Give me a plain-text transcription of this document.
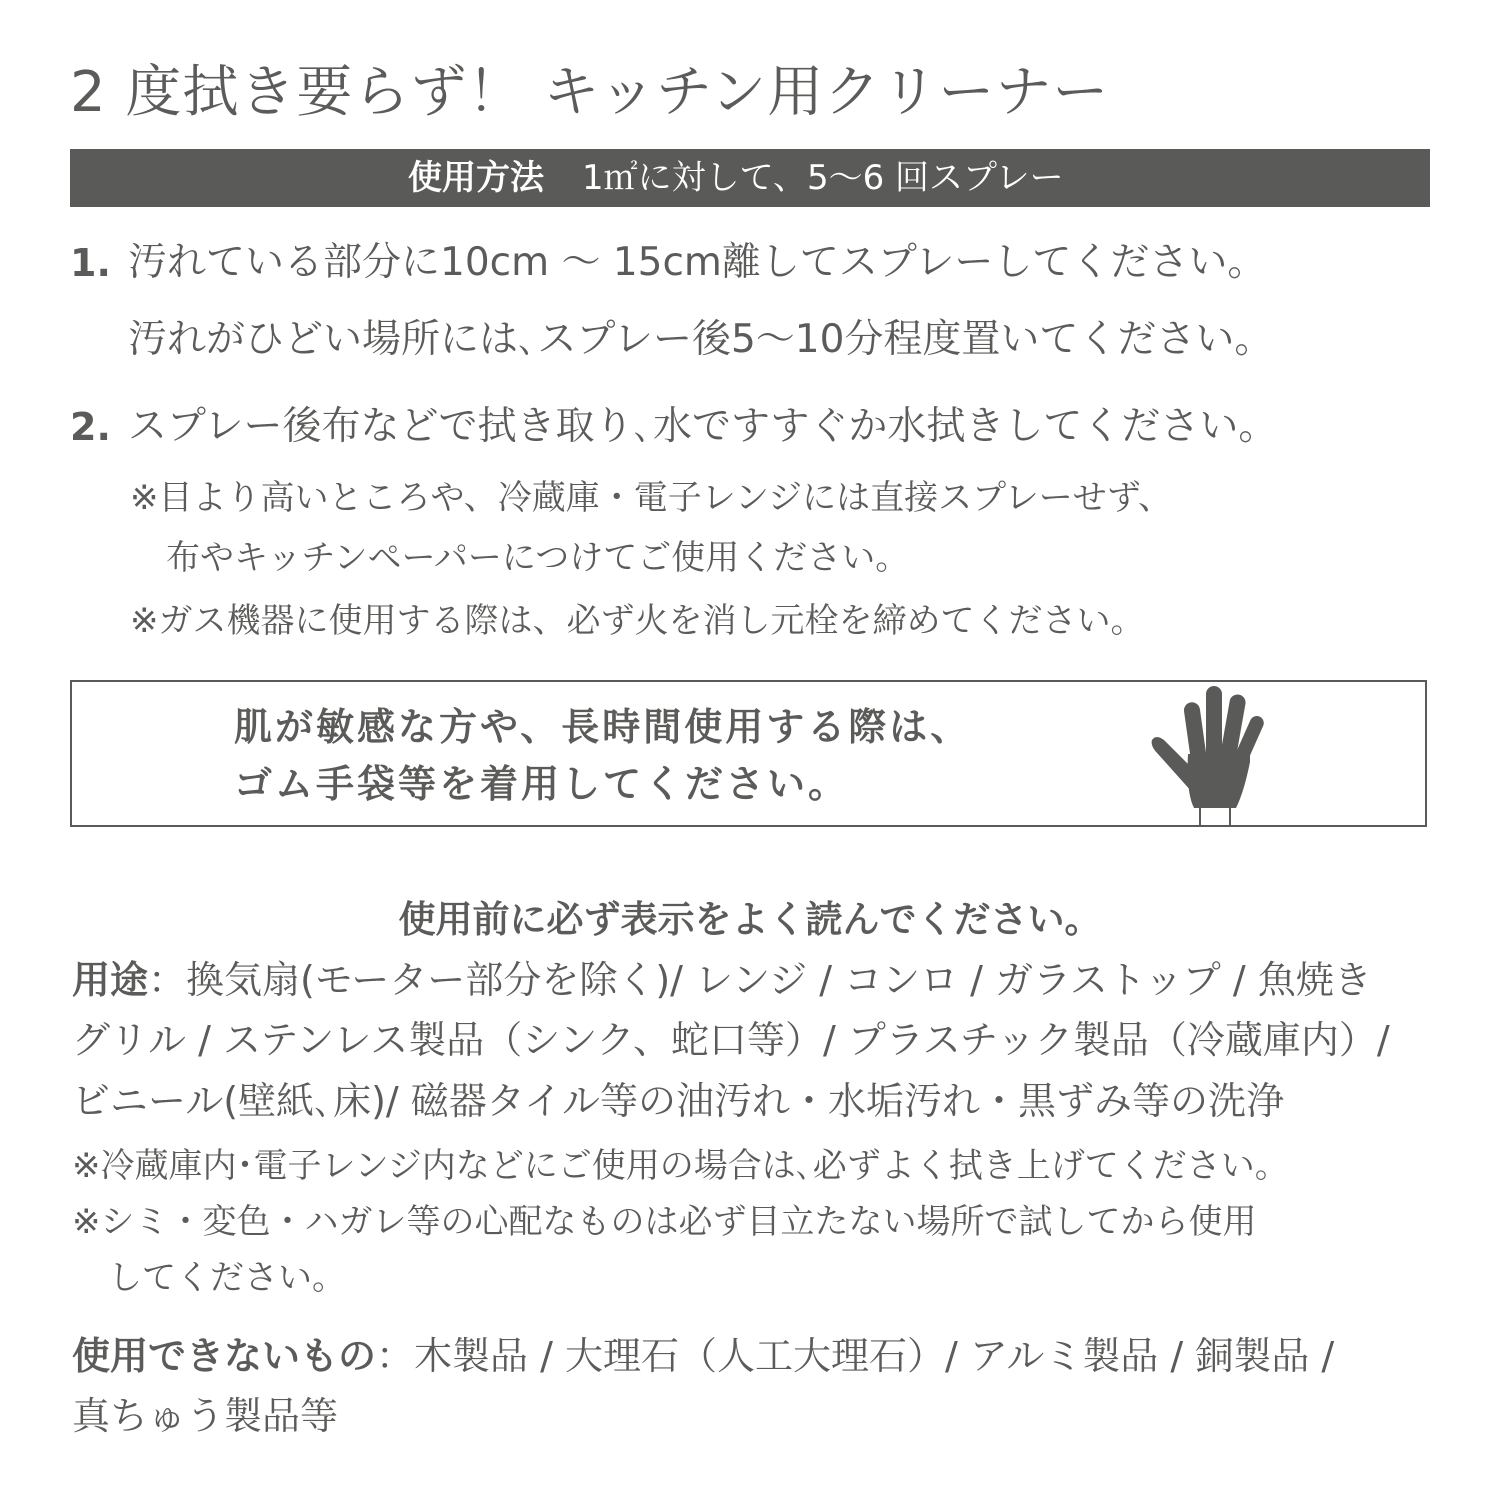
2 度拭き要らず！ キッチン用クリーナー
使用方法 1㎡に対して、5～6 回スプレー
1. 汚れている部分に10cm ～ 15cm離してスプレーしてください。
汚れがひどい場所には､スプレー後5～10分程度置いてください。
2. スプレー後布などで拭き取り､水ですすぐか水拭きしてください。
※目より高いところや、冷蔵庫・電子レンジには直接スプレーせず、
布やキッチンペーパーにつけてご使用ください。
※ガス機器に使用する際は、必ず火を消し元栓を締めてください。
肌が敏感な方や、長時間使用する際は、
ゴム手袋等を着用してください。
使用前に必ず表示をよく読んでください。
用途：換気扇(モーター部分を除く)/ レンジ / コンロ / ガラストップ / 魚焼き
グリル / ステンレス製品（シンク、蛇口等）/ プラスチック製品（冷蔵庫内）/
ビニール(壁紙､床)/ 磁器タイル等の油汚れ・水垢汚れ・黒ずみ等の洗浄
※冷蔵庫内･電子レンジ内などにご使用の場合は､必ずよく拭き上げてください。
※シミ・変色・ハガレ等の心配なものは必ず目立たない場所で試してから使用
してください。
使用できないもの：木製品 / 大理石（人工大理石）/ アルミ製品 / 銅製品 /
真ちゅう製品等
